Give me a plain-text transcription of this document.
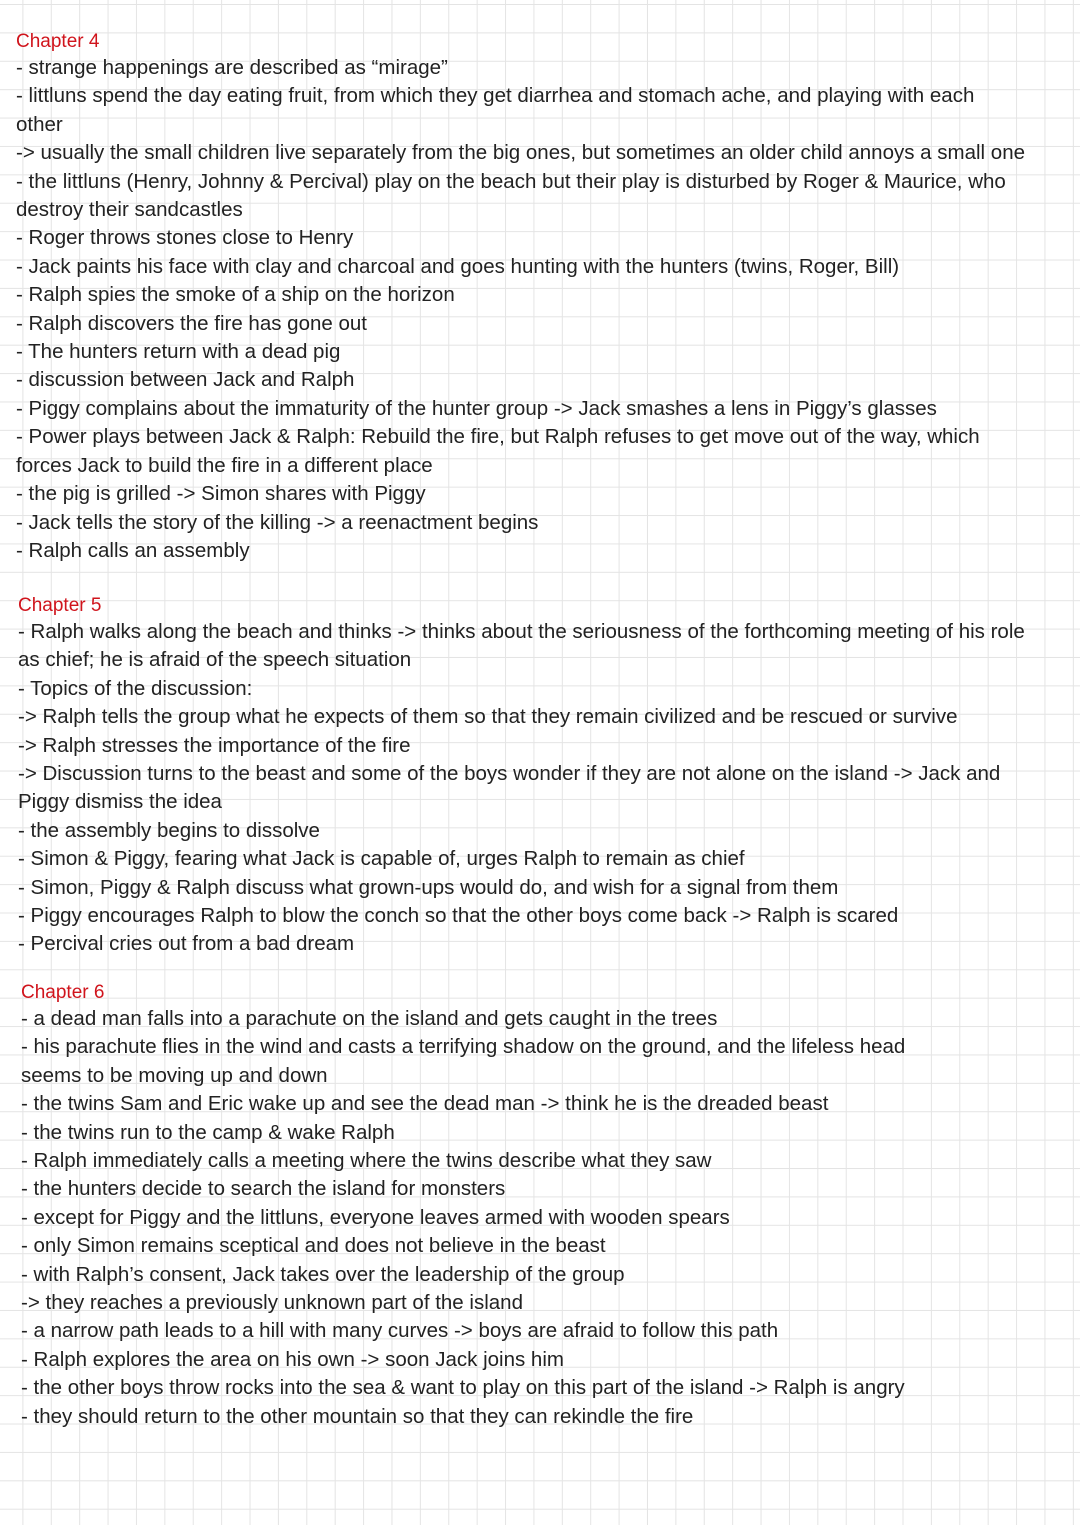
Chapter 4

- strange happenings are described as “mirage”

- littluns spend the day eating fruit, from which they get diarrhea and stomach ache, and playing with each

other

-> usually the small children live separately from the big ones, but sometimes an older child annoys a small one

- the littluns (Henry, Johnny & Percival) play on the beach but their play is disturbed by Roger & Maurice, who

destroy their sandcastles

- Roger throws stones close to Henry

- Jack paints his face with clay and charcoal and goes hunting with the hunters (twins, Roger, Bill)

- Ralph spies the smoke of a ship on the horizon

- Ralph discovers the fire has gone out

- The hunters return with a dead pig

- discussion between Jack and Ralph

- Piggy complains about the immaturity of the hunter group -> Jack smashes a lens in Piggy’s glasses

- Power plays between Jack & Ralph: Rebuild the fire, but Ralph refuses to get move out of the way, which

forces Jack to build the fire in a different place

- the pig is grilled -> Simon shares with Piggy

- Jack tells the story of the killing -> a reenactment begins

- Ralph calls an assembly

Chapter 5

- Ralph walks along the beach and thinks -> thinks about the seriousness of the forthcoming meeting of his role

as chief; he is afraid of the speech situation

- Topics of the discussion:

-> Ralph tells the group what he expects of them so that they remain civilized and be rescued or survive

-> Ralph stresses the importance of the fire

-> Discussion turns to the beast and some of the boys wonder if they are not alone on the island -> Jack and

Piggy dismiss the idea

- the assembly begins to dissolve

- Simon & Piggy, fearing what Jack is capable of, urges Ralph to remain as chief

- Simon, Piggy & Ralph discuss what grown-ups would do, and wish for a signal from them

- Piggy encourages Ralph to blow the conch so that the other boys come back -> Ralph is scared

- Percival cries out from a bad dream

Chapter 6

- a dead man falls into a parachute on the island and gets caught in the trees

- his parachute flies in the wind and casts a terrifying shadow on the ground, and the lifeless head

seems to be moving up and down

- the twins Sam and Eric wake up and see the dead man -> think he is the dreaded beast

- the twins run to the camp & wake Ralph

- Ralph immediately calls a meeting where the twins describe what they saw

- the hunters decide to search the island for monsters

- except for Piggy and the littluns, everyone leaves armed with wooden spears

- only Simon remains sceptical and does not believe in the beast

- with Ralph’s consent, Jack takes over the leadership of the group

-> they reaches a previously unknown part of the island

- a narrow path leads to a hill with many curves -> boys are afraid to follow this path

- Ralph explores the area on his own -> soon Jack joins him

- the other boys throw rocks into the sea & want to play on this part of the island -> Ralph is angry

- they should return to the other mountain so that they can rekindle the fire
